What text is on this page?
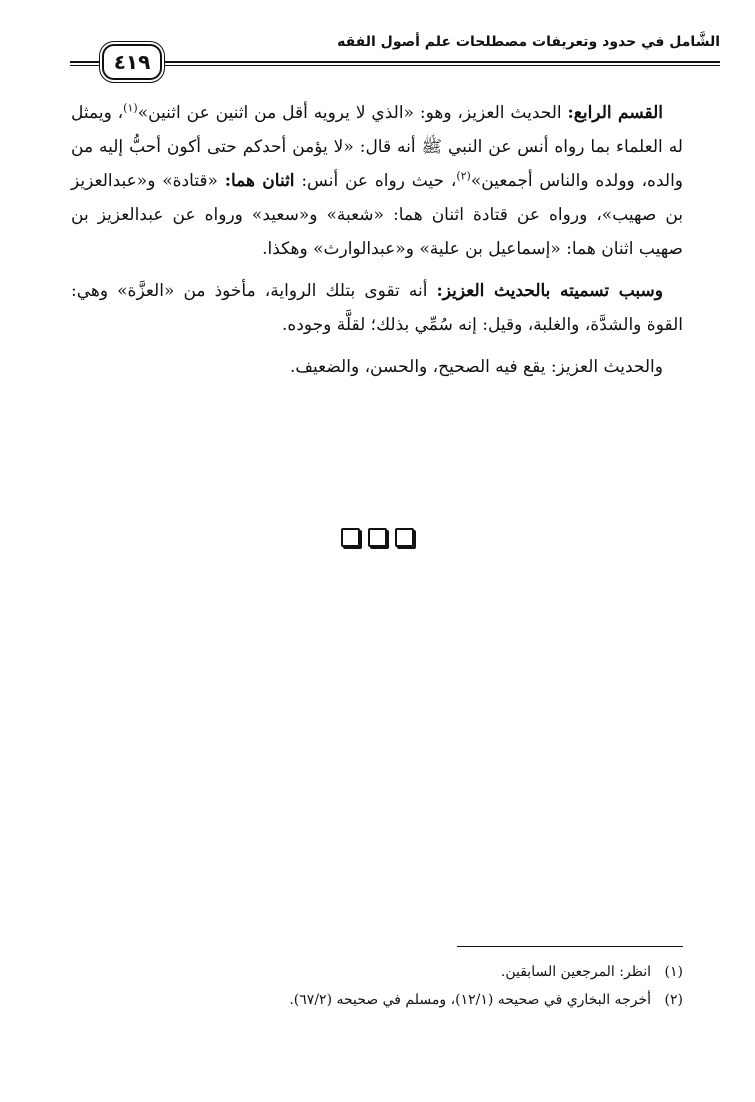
الشَّامل في حدود وتعريفات مصطلحات علم أصول الفقه
٤١٩

القسم الرابع: الحديث العزيز، وهو: «الذي لا يرويه أقل من اثنين عن اثنين»$^{(١)}$، ويمثل له العلماء بما رواه أنس عن النبي ﷺ أنه قال: «لا يؤمن أحدكم حتى أكون أحبُّ إليه من والده، وولده والناس أجمعين»$^{(٢)}$، حيث رواه عن أنس: اثنان هما: «قتادة» و«عبدالعزيز بن صهيب»، ورواه عن قتادة اثنان هما: «شعبة» و«سعيد» ورواه عن عبدالعزيز بن صهيب اثنان هما: «إسماعيل بن علية» و«عبدالوارث» وهكذا.

وسبب تسميته بالحديث العزيز: أنه تقوى بتلك الرواية، مأخوذ من «العزَّة» وهي: القوة والشدَّة، والغلبة، وقيل: إنه سُمِّي بذلك؛ لقلَّة وجوده.

والحديث العزيز: يقع فيه الصحيح، والحسن، والضعيف.

(١)انظر: المرجعين السابقين.
(٢)أخرجه البخاري في صحيحه (١٢/١)، ومسلم في صحيحه (٦٧/٢).
